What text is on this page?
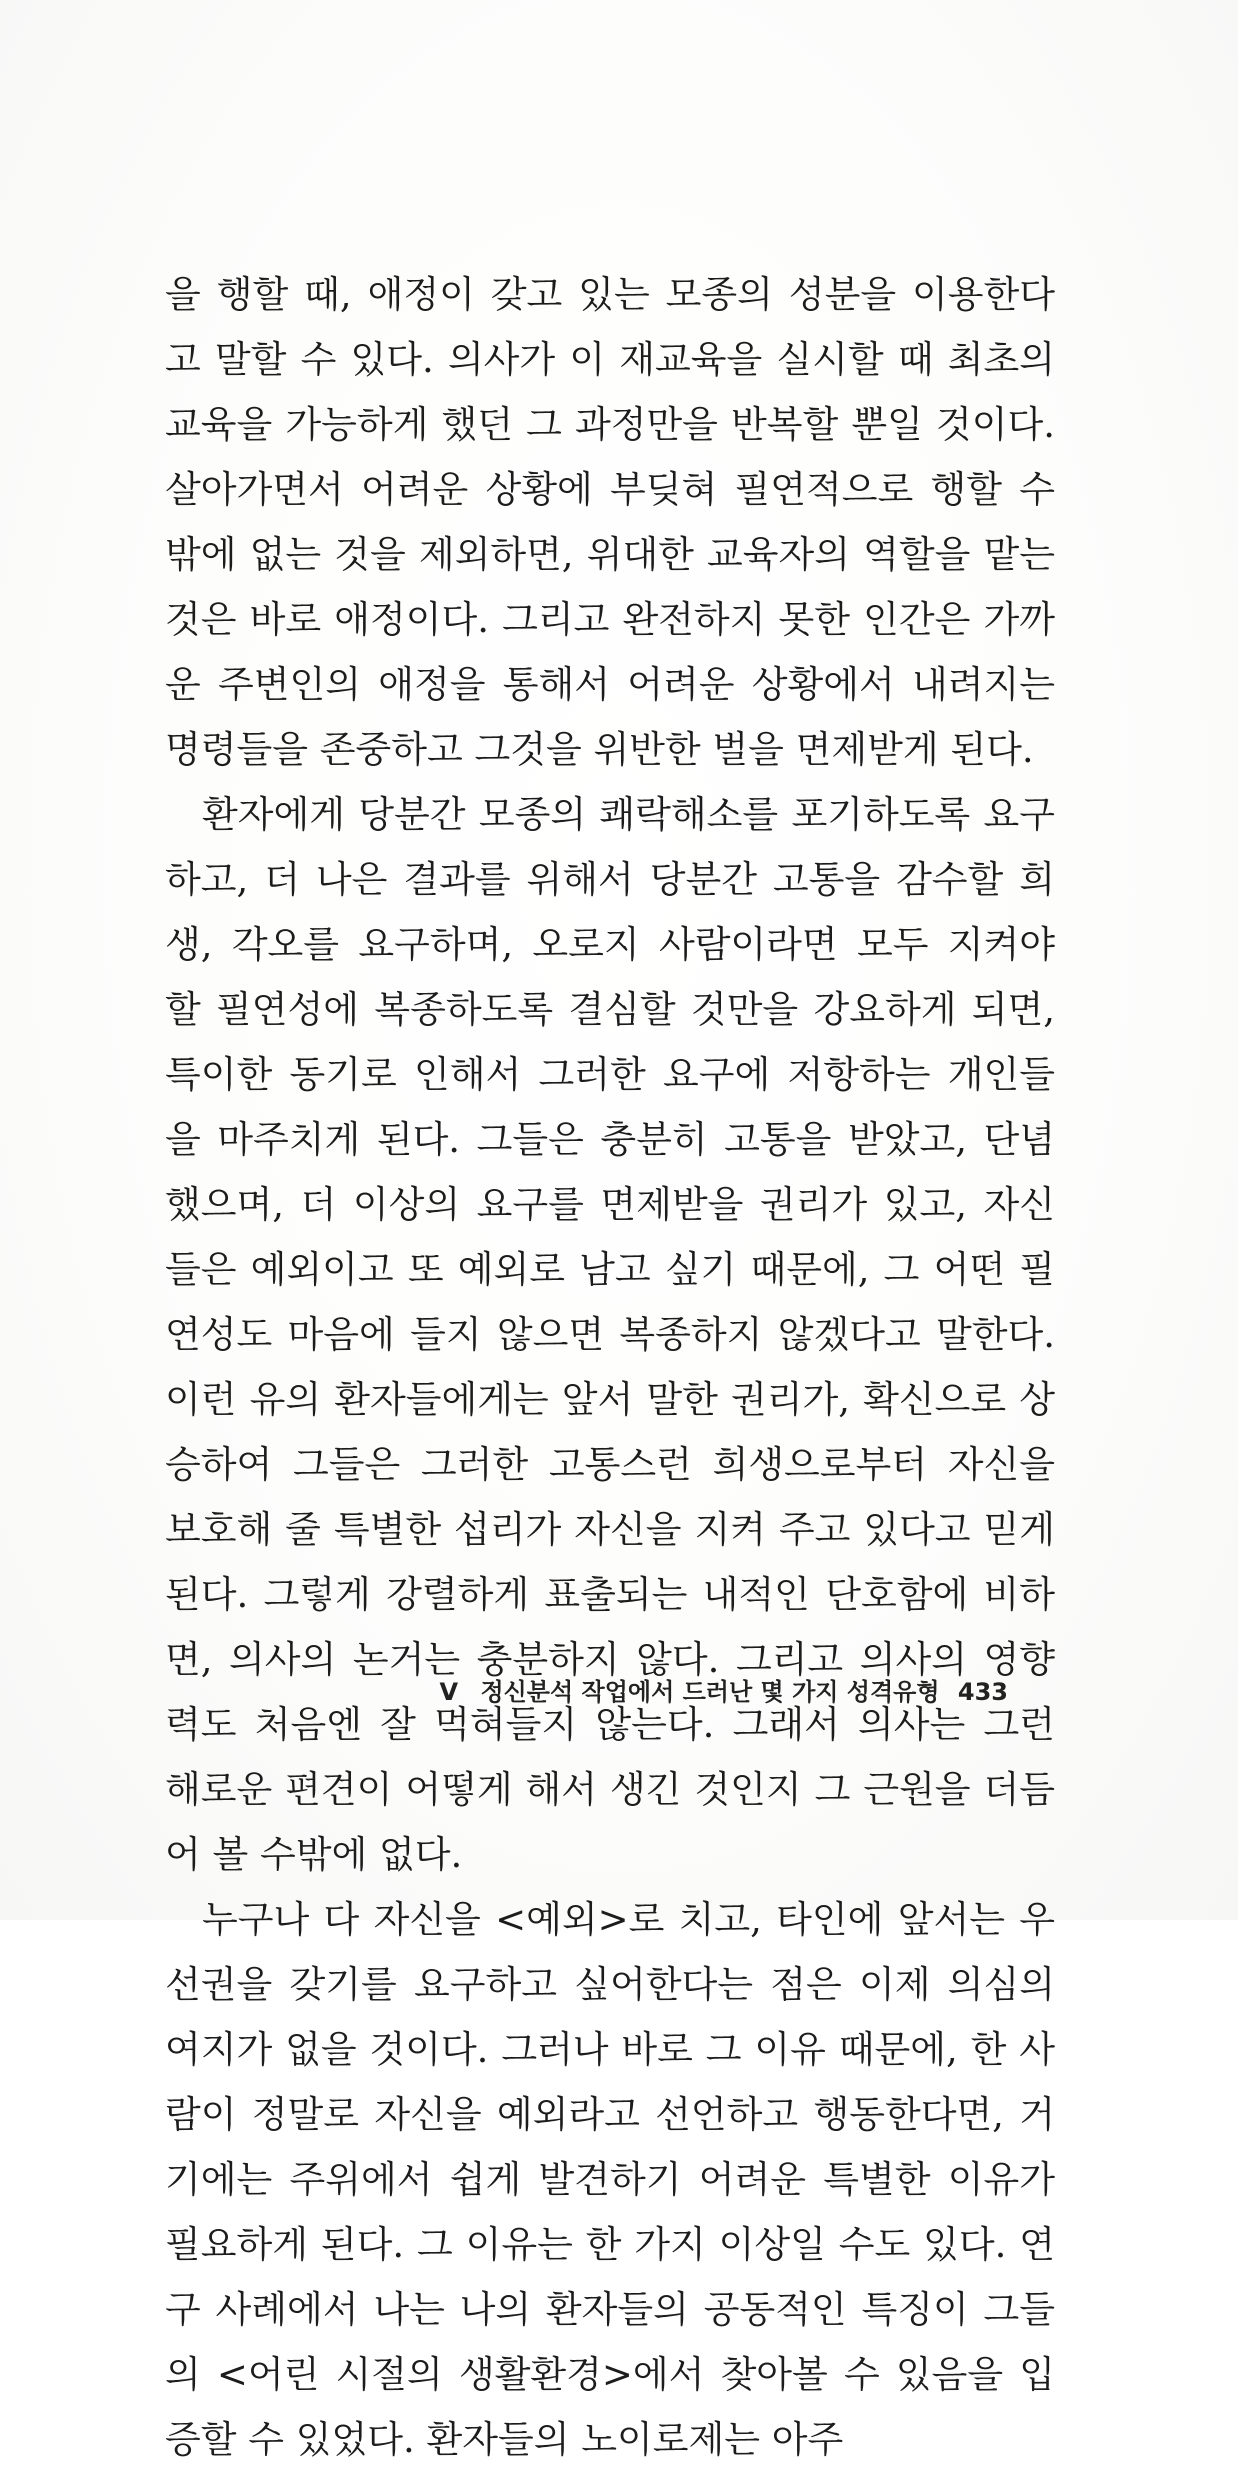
을 행할 때, 애정이 갖고 있는 모종의 성분을 이용한다고 말할 수 있다. 의사가 이 재교육을 실시할 때 최초의 교육을 가능하게 했던 그 과정만을 반복할 뿐일 것이다. 살아가면서 어려운 상황에 부딪혀 필연적으로 행할 수밖에 없는 것을 제외하면, 위대한 교육자의 역할을 맡는 것은 바로 애정이다. 그리고 완전하지 못한 인간은 가까운 주변인의 애정을 통해서 어려운 상황에서 내려지는 명령들을 존중하고 그것을 위반한 벌을 면제받게 된다.

환자에게 당분간 모종의 쾌락해소를 포기하도록 요구하고, 더 나은 결과를 위해서 당분간 고통을 감수할 희생, 각오를 요구하며, 오로지 사람이라면 모두 지켜야 할 필연성에 복종하도록 결심할 것만을 강요하게 되면, 특이한 동기로 인해서 그러한 요구에 저항하는 개인들을 마주치게 된다. 그들은 충분히 고통을 받았고, 단념했으며, 더 이상의 요구를 면제받을 권리가 있고, 자신들은 예외이고 또 예외로 남고 싶기 때문에, 그 어떤 필연성도 마음에 들지 않으면 복종하지 않겠다고 말한다. 이런 유의 환자들에게는 앞서 말한 권리가, 확신으로 상승하여 그들은 그러한 고통스런 희생으로부터 자신을 보호해 줄 특별한 섭리가 자신을 지켜 주고 있다고 믿게 된다. 그렇게 강렬하게 표출되는 내적인 단호함에 비하면, 의사의 논거는 충분하지 않다. 그리고 의사의 영향력도 처음엔 잘 먹혀들지 않는다. 그래서 의사는 그런 해로운 편견이 어떻게 해서 생긴 것인지 그 근원을 더듬어 볼 수밖에 없다.

누구나 다 자신을 <예외>로 치고, 타인에 앞서는 우선권을 갖기를 요구하고 싶어한다는 점은 이제 의심의 여지가 없을 것이다. 그러나 바로 그 이유 때문에, 한 사람이 정말로 자신을 예외라고 선언하고 행동한다면, 거기에는 주위에서 쉽게 발견하기 어려운 특별한 이유가 필요하게 된다. 그 이유는 한 가지 이상일 수도 있다. 연구 사례에서 나는 나의 환자들의 공동적인 특징이 그들의 <어린 시절의 생활환경>에서 찾아볼 수 있음을 입증할 수 있었다. 환자들의 노이로제는 아주

V 정신분석 작업에서 드러난 몇 가지 성격유형 433
